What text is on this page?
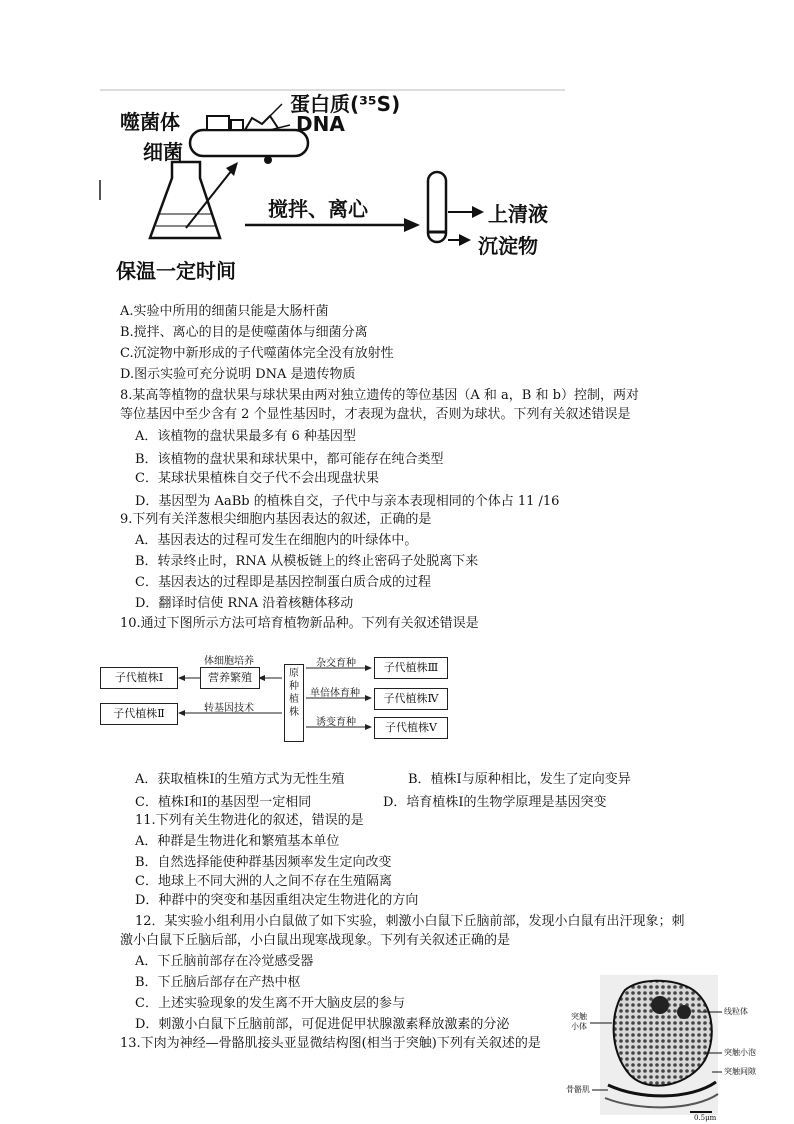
蛋白质(³⁵S)
DNA
噬菌体
细菌
搅拌、离心	上清液
沉淀物
保温一定时间
A.实验中所用的细菌只能是大肠杆菌
B.搅拌、离心的目的是使噬菌体与细菌分离
C.沉淀物中新形成的子代噬菌体完全没有放射性
D.图示实验可充分说明 DNA 是遗传物质
8.某高等植物的盘状果与球状果由两对独立遗传的等位基因（A 和 a，B 和 b）控制，两对
等位基因中至少含有 2 个显性基因时，才表现为盘状，否则为球状。下列有关叙述错误是
A．该植物的盘状果最多有 6 种基因型
B．该植物的盘状果和球状果中，都可能存在纯合类型
C．某球状果植株自交子代不会出现盘状果
D．基因型为 AaBb 的植株自交，子代中与亲本表现相同的个体占 11 /16
9.下列有关洋葱根尖细胞内基因表达的叙述，正确的是
A．基因表达的过程可发生在细胞内的叶绿体中。
B．转录终止时，RNA 从模板链上的终止密码子处脱离下来
C．基因表达的过程即是基因控制蛋白质合成的过程
D．翻译时信使 RNA 沿着核糖体移动
10.通过下图所示方法可培育植物新品种。下列有关叙述错误是
子代植株Ⅰ
子代植株Ⅱ
营养繁殖
体细胞培养
转基因技术
原种植株
杂交育种
单倍体育种
诱变育种
子代植株Ⅲ
子代植株Ⅳ
子代植株Ⅴ
A．获取植株Ⅰ的生殖方式为无性生殖	B．植株Ⅰ与原种相比，发生了定向变异
C．植株Ⅰ和Ⅰ的基因型一定相同	D．培育植株Ⅰ的生物学原理是基因突变
11.下列有关生物进化的叙述，错误的是
A．种群是生物进化和繁殖基本单位
B．自然选择能使种群基因频率发生定向改变
C．地球上不同大洲的人之间不存在生殖隔离
D．种群中的突变和基因重组决定生物进化的方向
12．某实验小组利用小白鼠做了如下实验，刺激小白鼠下丘脑前部，发现小白鼠有出汗现象；刺
激小白鼠下丘脑后部，小白鼠出现寒战现象。下列有关叙述正确的是
A．下丘脑前部存在冷觉感受器
B．下丘脑后部存在产热中枢
C．上述实验现象的发生离不开大脑皮层的参与
D．刺激小白鼠下丘脑前部，可促进促甲状腺激素释放激素的分泌
13.下肉为神经—骨骼肌接头亚显微结构图(相当于突触)下列有关叙述的是
突触小体
线粒体
突触小泡
突触间隙
骨骼肌
0.5μm
